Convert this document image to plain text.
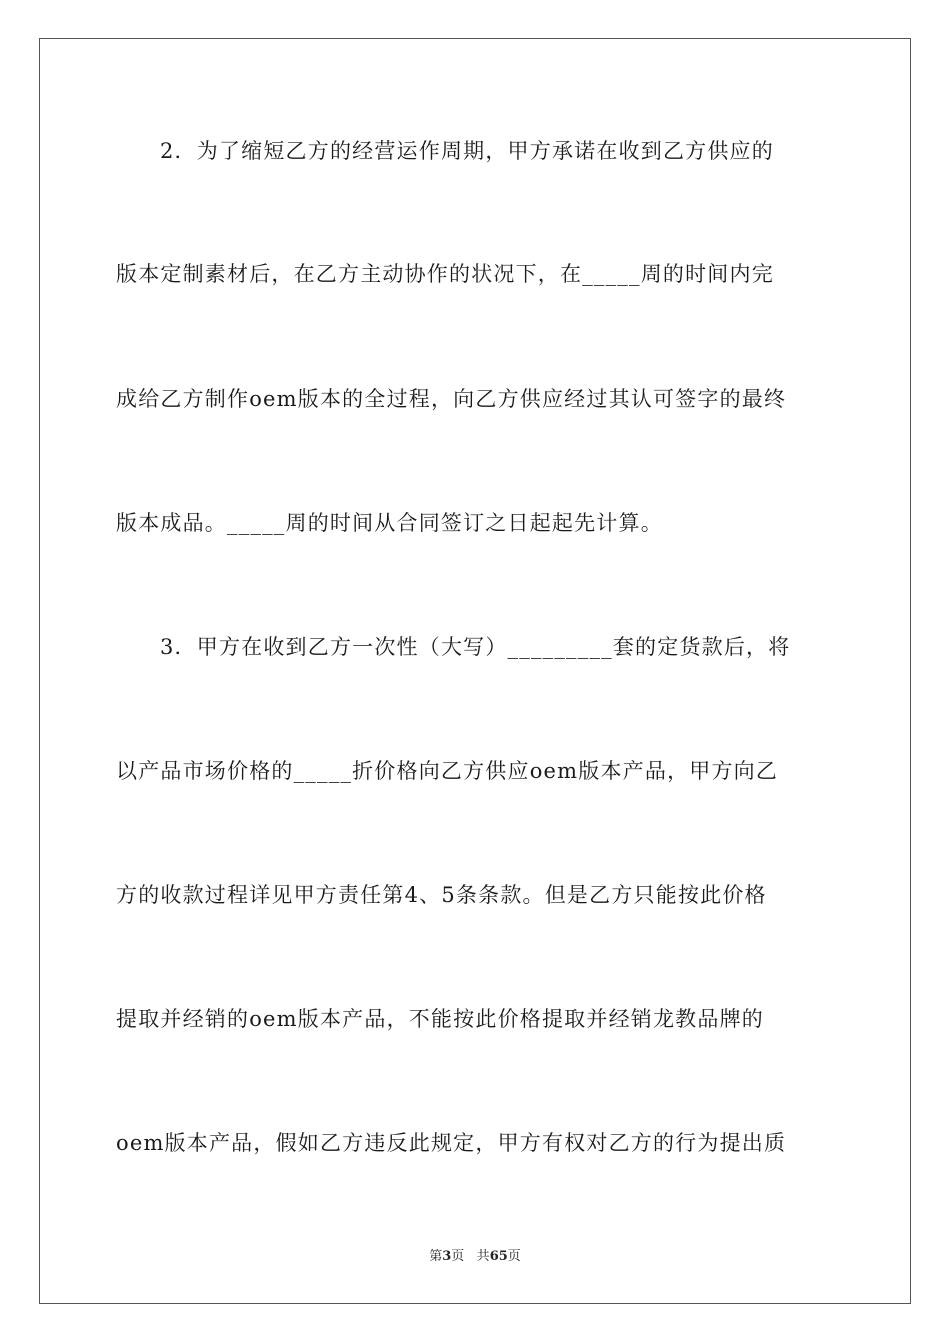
2．为了缩短乙方的经营运作周期，甲方承诺在收到乙方供应的
版本定制素材后，在乙方主动协作的状况下，在_____周的时间内完
成给乙方制作oem版本的全过程，向乙方供应经过其认可签字的最终
版本成品。_____周的时间从合同签订之日起起先计算。
3．甲方在收到乙方一次性（大写）_________套的定货款后，将
以产品市场价格的_____折价格向乙方供应oem版本产品，甲方向乙
方的收款过程详见甲方责任第4、5条条款。但是乙方只能按此价格
提取并经销的oem版本产品，不能按此价格提取并经销龙教品牌的
oem版本产品，假如乙方违反此规定，甲方有权对乙方的行为提出质
第3页 共65页
